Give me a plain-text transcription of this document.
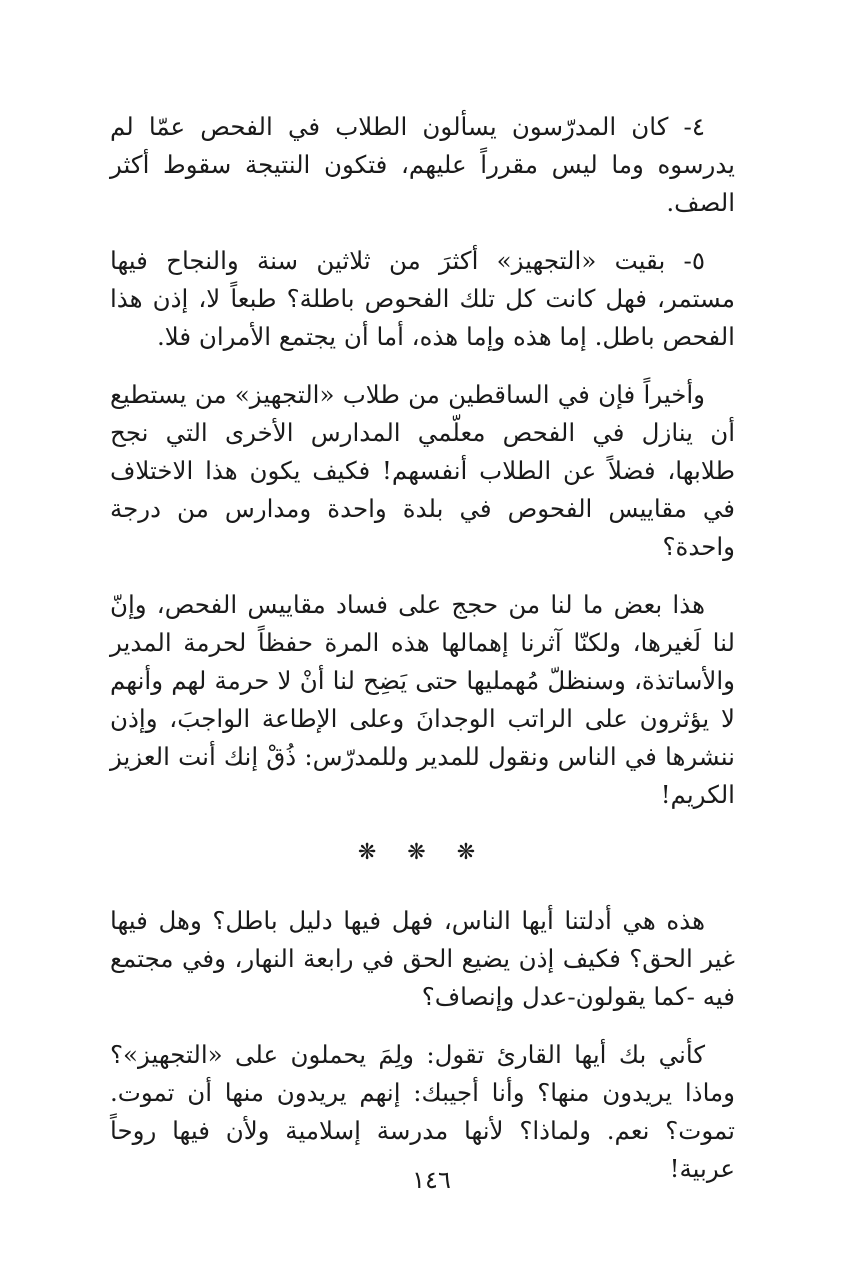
٤- كان المدرّسون يسألون الطلاب في الفحص عمّا لم يدرسوه وما ليس مقرراً عليهم، فتكون النتيجة سقوط أكثر الصف.

٥- بقيت «التجهيز» أكثرَ من ثلاثين سنة والنجاح فيها مستمر، فهل كانت كل تلك الفحوص باطلة؟ طبعاً لا، إذن هذا الفحص باطل. إما هذه وإما هذه، أما أن يجتمع الأمران فلا.

وأخيراً فإن في الساقطين من طلاب «التجهيز» من يستطيع أن ينازل في الفحص معلّمي المدارس الأخرى التي نجح طلابها، فضلاً عن الطلاب أنفسهم! فكيف يكون هذا الاختلاف في مقاييس الفحوص في بلدة واحدة ومدارس من درجة واحدة؟

هذا بعض ما لنا من حجج على فساد مقاييس الفحص، وإنّ لنا لَغيرها، ولكنّا آثرنا إهمالها هذه المرة حفظاً لحرمة المدير والأساتذة، وسنظلّ مُهمليها حتى يَضِح لنا أنْ لا حرمة لهم وأنهم لا يؤثرون على الراتب الوجدانَ وعلى الإطاعة الواجبَ، وإذن ننشرها في الناس ونقول للمدير وللمدرّس: ذُقْ إنك أنت العزيز الكريم!

❋ ❋ ❋

هذه هي أدلتنا أيها الناس، فهل فيها دليل باطل؟ وهل فيها غير الحق؟ فكيف إذن يضيع الحق في رابعة النهار، وفي مجتمع فيه -كما يقولون-عدل وإنصاف؟

كأني بك أيها القارئ تقول: ولِمَ يحملون على «التجهيز»؟ وماذا يريدون منها؟ وأنا أجيبك: إنهم يريدون منها أن تموت. تموت؟ نعم. ولماذا؟ لأنها مدرسة إسلامية ولأن فيها روحاً عربية!

١٤٦
